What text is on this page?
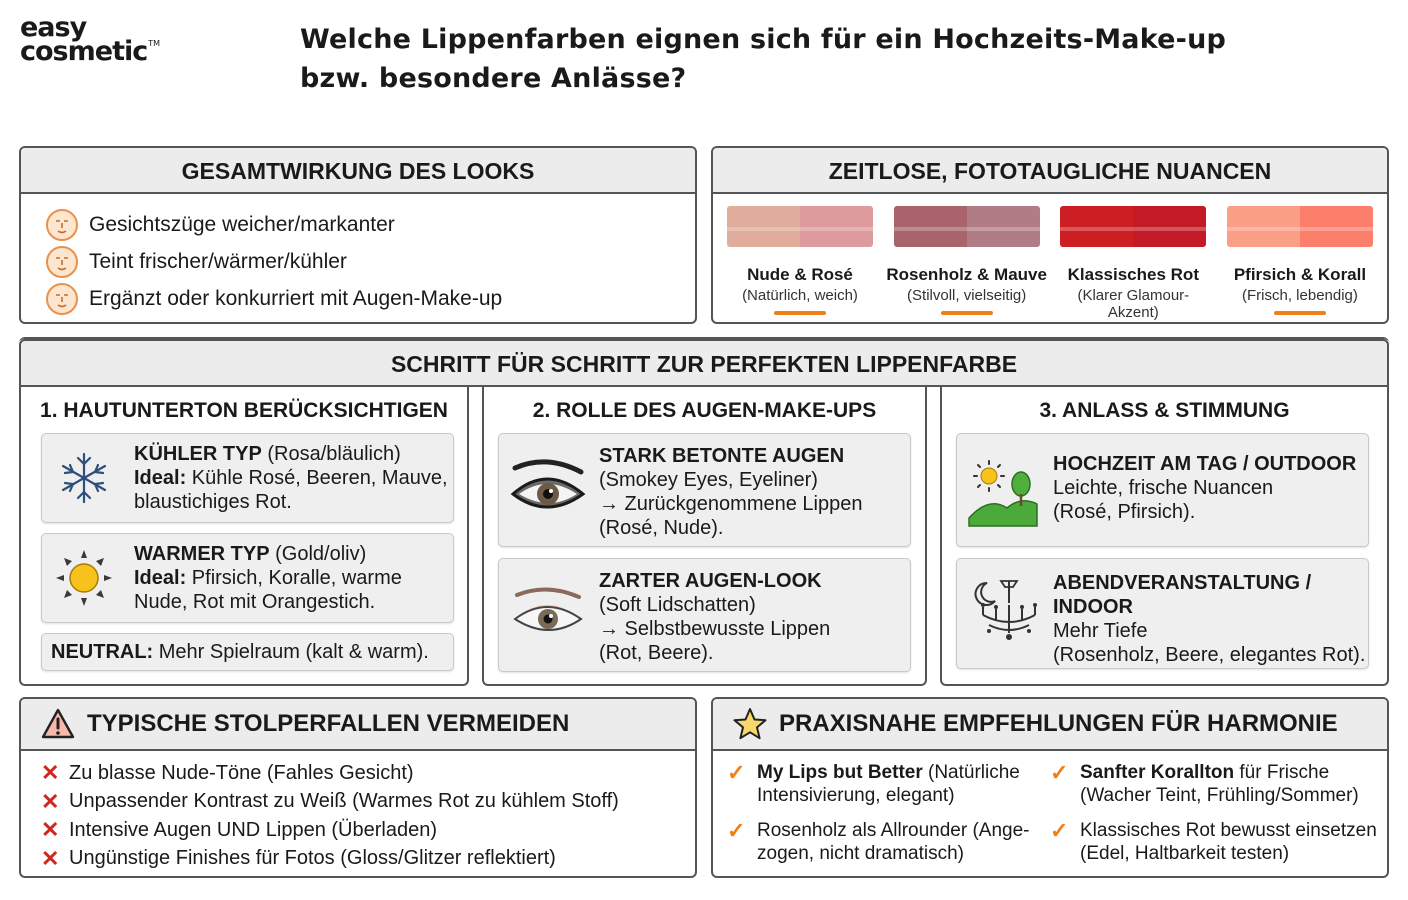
easy
cosmetic™	Welche Lippenfarben eignen sich für ein Hochzeits-Make-up
bzw. besondere Anlässe?
GESAMTWIRKUNG DES LOOKS
Gesichtszüge weicher/markanter
Teint frischer/wärmer/kühler
Ergänzt oder konkurriert mit Augen-Make-up
ZEITLOSE, FOTOTAUGLICHE NUANCEN
Nude & Rosé
(Natürlich, weich)
Rosenholz & Mauve
(Stilvoll, vielseitig)
Klassisches Rot
(Klarer Glamour-Akzent)
Pfirsich & Korall
(Frisch, lebendig)
SCHRITT FÜR SCHRITT ZUR PERFEKTEN LIPPENFARBE
1. HAUTUNTERTON BERÜCKSICHTIGEN
KÜHLER TYP (Rosa/bläulich)
Ideal: Kühle Rosé, Beeren, Mauve,
blaustichiges Rot.
WARMER TYP (Gold/oliv)
Ideal: Pfirsich, Koralle, warme
Nude, Rot mit Orangestich.
NEUTRAL: Mehr Spielraum (kalt & warm).
2. ROLLE DES AUGEN-MAKE-UPS
STARK BETONTE AUGEN
(Smokey Eyes, Eyeliner)
→ Zurückgenommene Lippen
(Rosé, Nude).
ZARTER AUGEN-LOOK
(Soft Lidschatten)
→ Selbstbewusste Lippen
(Rot, Beere).
3. ANLASS & STIMMUNG
HOCHZEIT AM TAG / OUTDOOR
Leichte, frische Nuancen
(Rosé, Pfirsich).
ABENDVERANSTALTUNG / INDOOR
Mehr Tiefe
(Rosenholz, Beere, elegantes Rot).
TYPISCHE STOLPERFALLEN VERMEIDEN
✕ Zu blasse Nude-Töne (Fahles Gesicht)
✕ Unpassender Kontrast zu Weiß (Warmes Rot zu kühlem Stoff)
✕ Intensive Augen UND Lippen (Überladen)
✕ Ungünstige Finishes für Fotos (Gloss/Glitzer reflektiert)
PRAXISNAHE EMPFEHLUNGEN FÜR HARMONIE
✓ My Lips but Better (Natürliche
Intensivierung, elegant)
✓ Sanfter Korallton für Frische
(Wacher Teint, Frühling/Sommer)
✓ Rosenholz als Allrounder (Ange-
zogen, nicht dramatisch)
✓ Klassisches Rot bewusst einsetzen
(Edel, Haltbarkeit testen)
